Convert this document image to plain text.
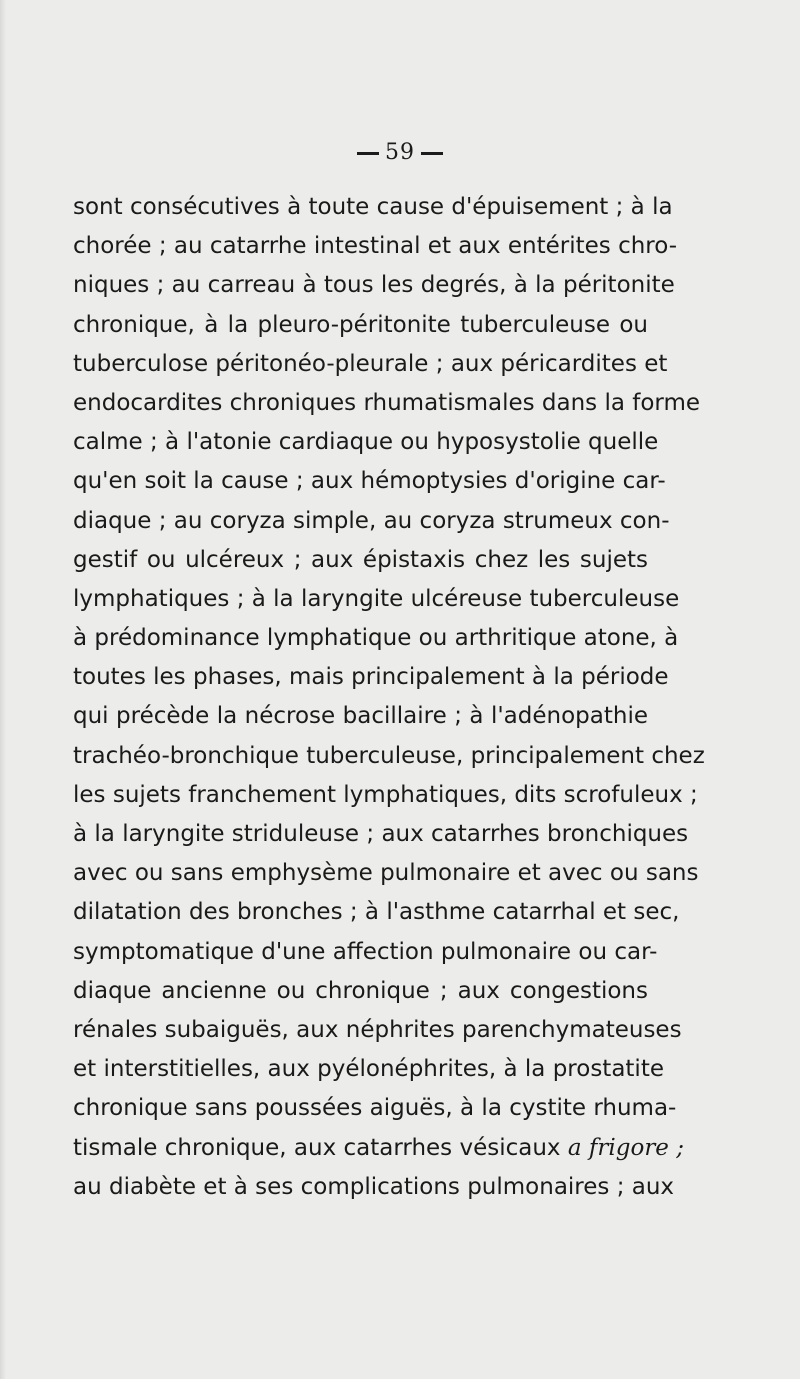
59
sont consécutives à toute cause d'épuisement ; à la
chorée ; au catarrhe intestinal et aux entérites chro-
niques ; au carreau à tous les degrés, à la péritonite
chronique, à la pleuro-péritonite tuberculeuse ou
tuberculose péritonéo-pleurale ; aux péricardites et
endocardites chroniques rhumatismales dans la forme
calme ; à l'atonie cardiaque ou hyposystolie quelle
qu'en soit la cause ; aux hémoptysies d'origine car-
diaque ; au coryza simple, au coryza strumeux con-
gestif ou ulcéreux ; aux épistaxis chez les sujets
lymphatiques ; à la laryngite ulcéreuse tuberculeuse
à prédominance lymphatique ou arthritique atone, à
toutes les phases, mais principalement à la période
qui précède la nécrose bacillaire ; à l'adénopathie
trachéo-bronchique tuberculeuse, principalement chez
les sujets franchement lymphatiques, dits scrofuleux ;
à la laryngite striduleuse ; aux catarrhes bronchiques
avec ou sans emphysème pulmonaire et avec ou sans
dilatation des bronches ; à l'asthme catarrhal et sec,
symptomatique d'une affection pulmonaire ou car-
diaque ancienne ou chronique ; aux congestions
rénales subaiguës, aux néphrites parenchymateuses
et interstitielles, aux pyélonéphrites, à la prostatite
chronique sans poussées aiguës, à la cystite rhuma-
tismale chronique, aux catarrhes vésicaux a frigore ;
au diabète et à ses complications pulmonaires ; aux
